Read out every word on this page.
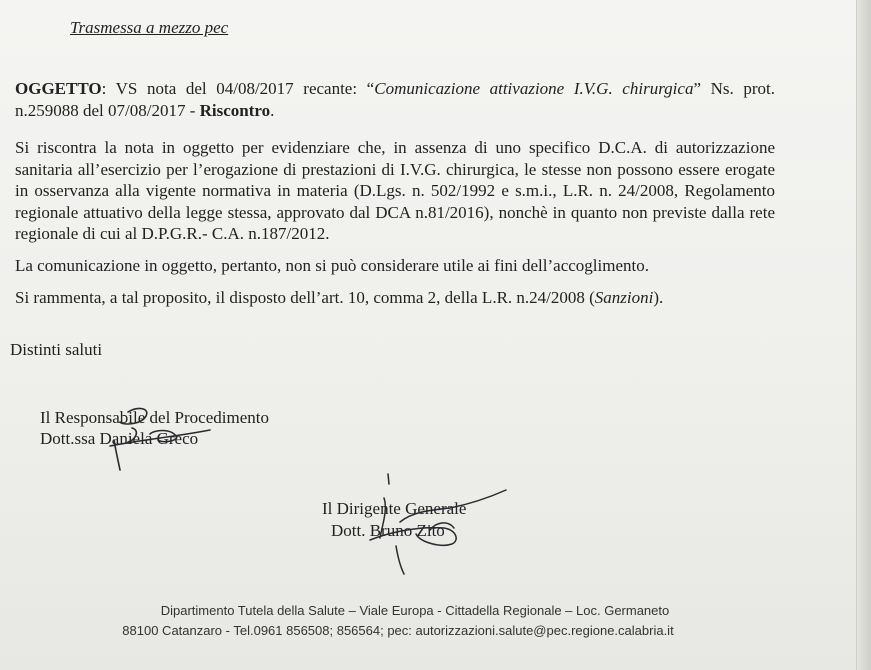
Trasmessa a mezzo pec
OGGETTO: VS nota del 04/08/2017 recante: “Comunicazione attivazione I.V.G. chirurgica” Ns. prot. n.259088 del 07/08/2017 - Riscontro.
Si riscontra la nota in oggetto per evidenziare che, in assenza di uno specifico D.C.A. di autorizzazione sanitaria all’esercizio per l’erogazione di prestazioni di I.V.G. chirurgica, le stesse non possono essere erogate in osservanza alla vigente normativa in materia (D.Lgs. n. 502/1992 e s.m.i., L.R. n. 24/2008, Regolamento regionale attuativo della legge stessa, approvato dal DCA n.81/2016), nonchè in quanto non previste dalla rete regionale di cui al D.P.G.R.- C.A. n.187/2012.
La comunicazione in oggetto, pertanto, non si può considerare utile ai fini dell’accoglimento.
Si rammenta, a tal proposito, il disposto dell’art. 10, comma 2, della L.R. n.24/2008 (Sanzioni).
Distinti saluti
Il Responsabile del Procedimento
Dott.ssa Daniela Greco
Il Dirigente Generale
Dott. Bruno Zito
Dipartimento Tutela della Salute – Viale Europa - Cittadella Regionale – Loc. Germaneto
88100 Catanzaro - Tel.0961 856508; 856564; pec: autorizzazioni.salute@pec.regione.calabria.it
